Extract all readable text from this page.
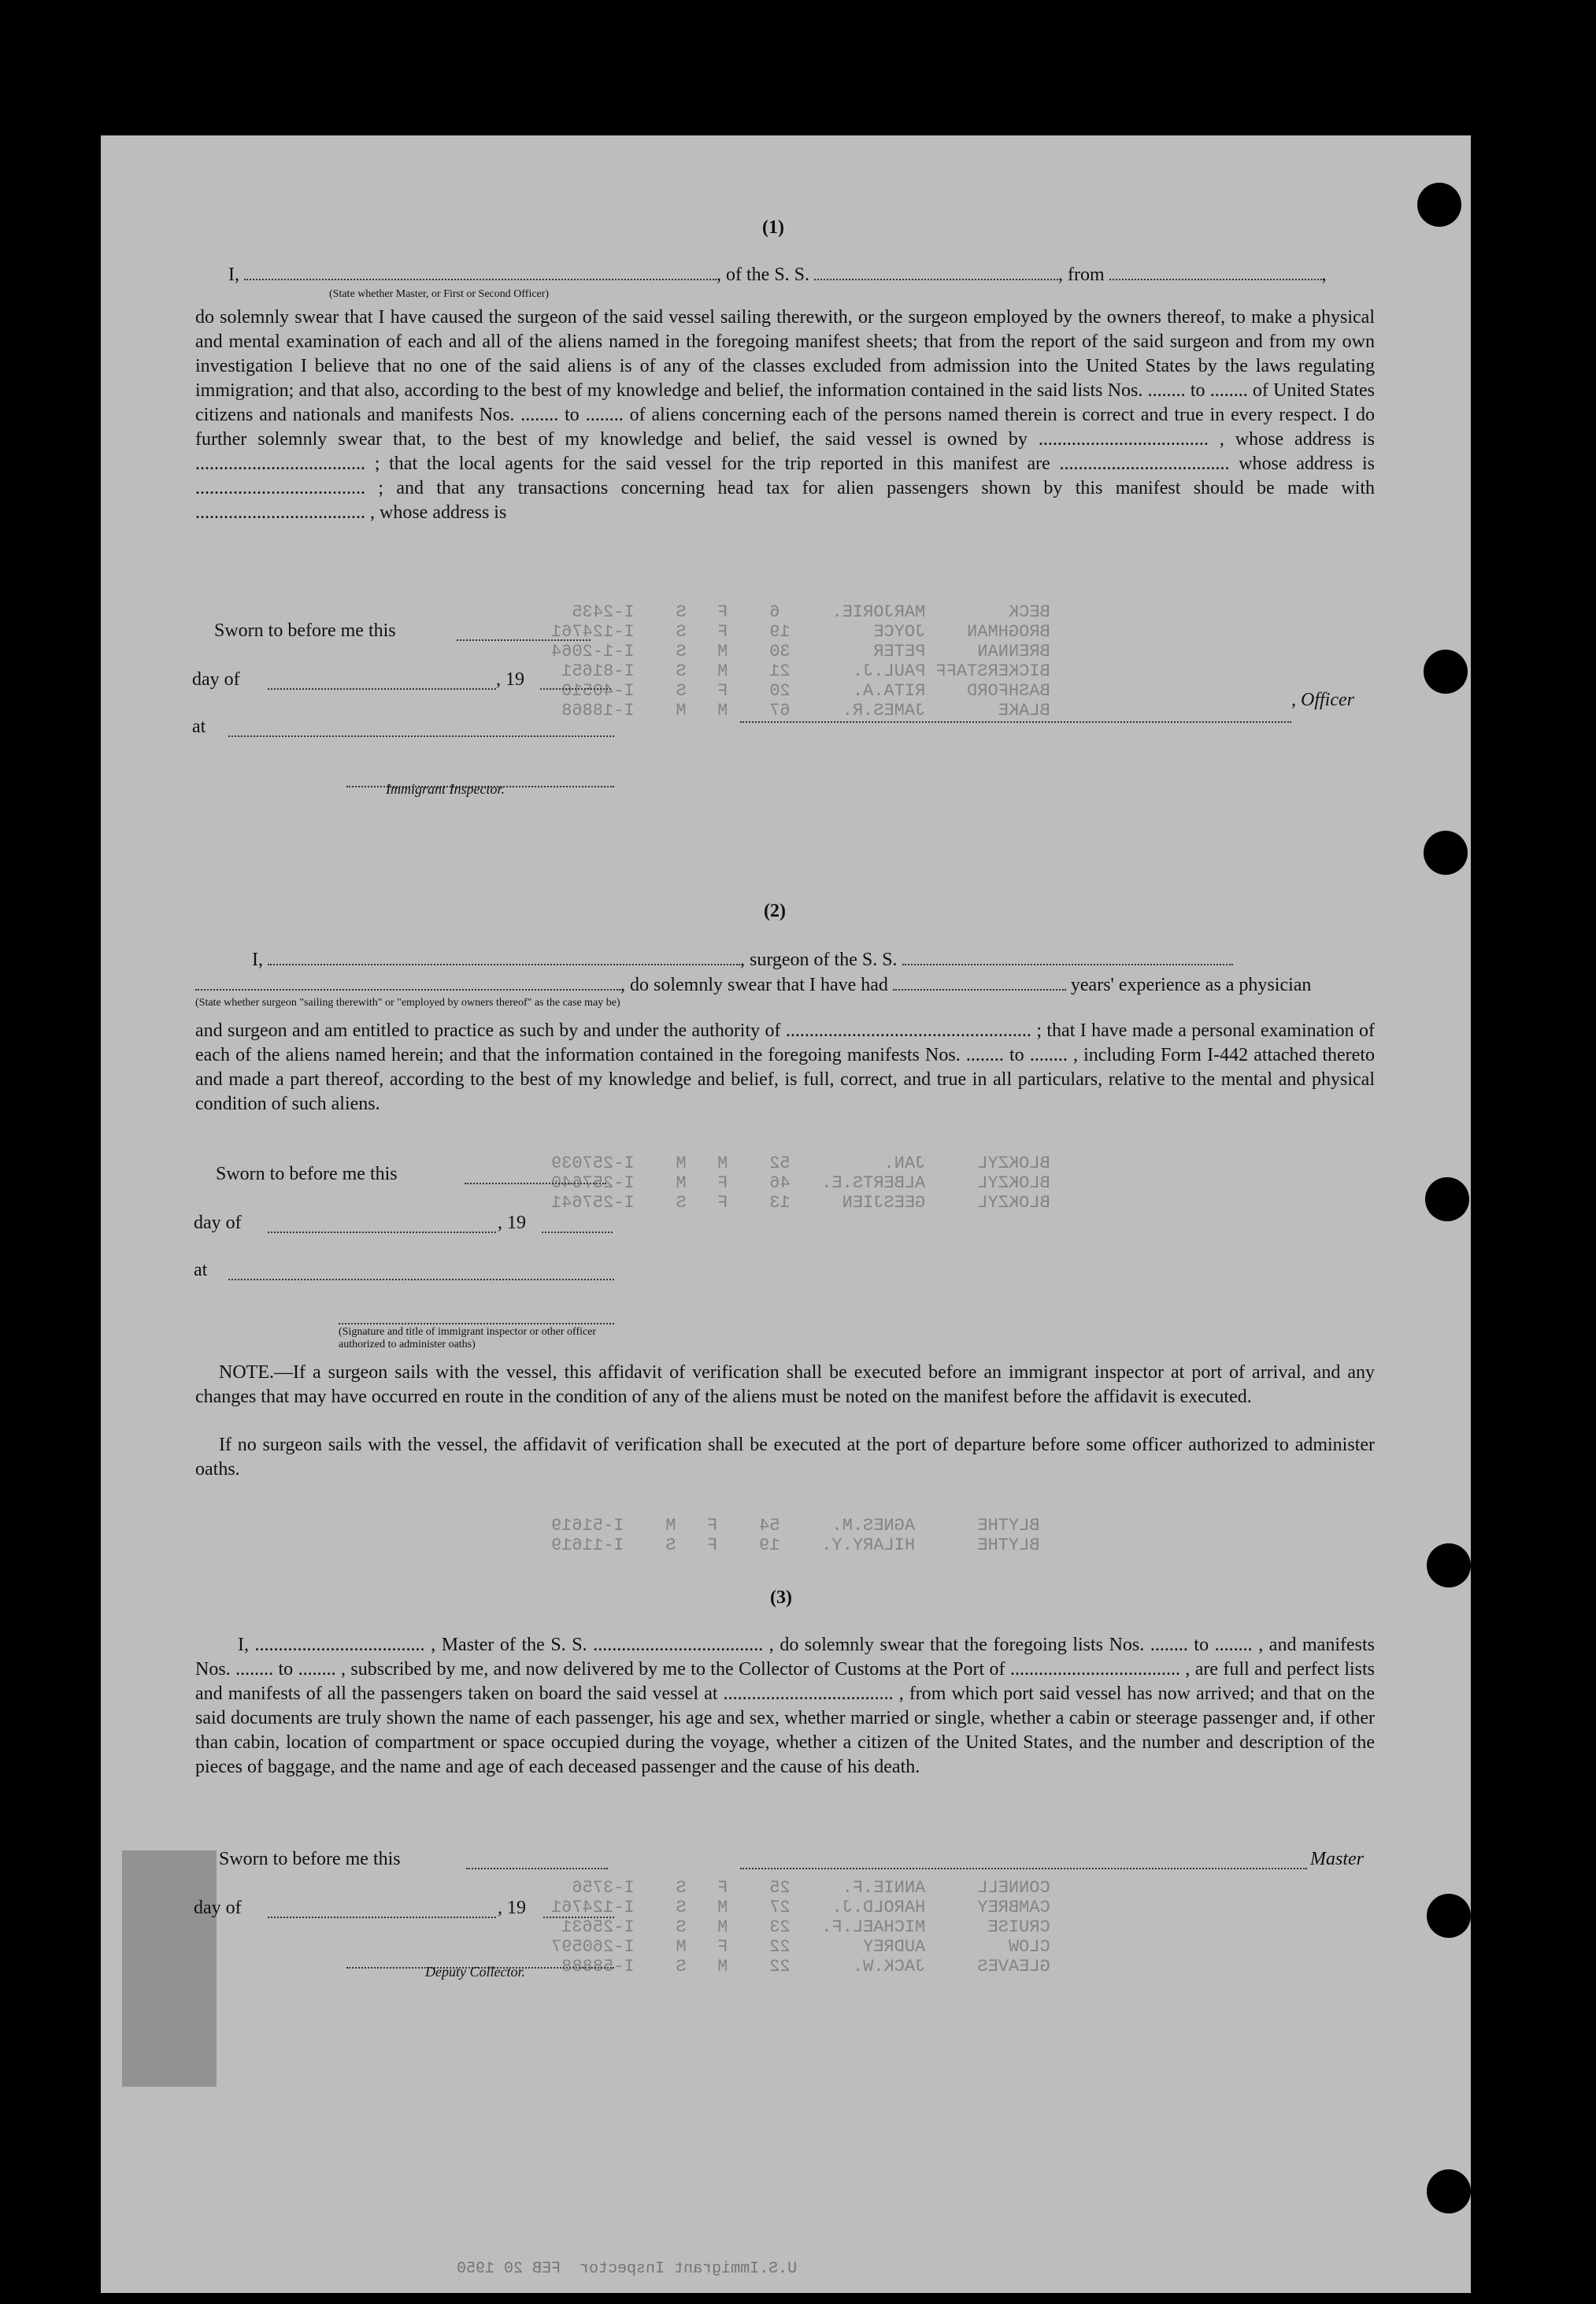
BECK        MARJORIE.     6    F   S    I-2435
BROGHMAN    JOYCE        19    F   S    I-124761
BRENNAN     PETER        30    M   S    I-1-2064
BICKERSTAFF PAUL.J.      21    M   S    I-81651
BASHFORD    RITA.A.      20    F   S    I-40510
BLAKE       JAMES.R.     67    M   M    I-18868

BLOKZYL     JAN.         52    M   M    I-257039
BLOKZYL     ALBERTS.E.   46    F   M    I-257640
BLOKZYL     GEESJIEN     13    F   S    I-257641

BLYTHE      AGNES.M.     54    F   M    I-51619
BLYTHE      HILARY.Y.    19    F   S    I-11619

CONNELL     ANNIE.F.     25    F   S    I-3756
CAMBREY     HAROLD.J.    27    M   S    I-124761
CRUISE      MICHAEL.F.   23    M   S    I-25631
CLOW        AUDREY       22    F   M    I-260597
GLEAVES     JACK.W.      22    M   S    I-58888

U.S.Immigrant Inspector  FEB 20 1950
(1)
I,	, of the S. S.	, from	,
(State whether Master, or First or Second Officer)
do solemnly swear that I have caused the surgeon of the said vessel sailing therewith, or the surgeon employed by the owners thereof, to make a physical and mental examination of each and all of the aliens named in the foregoing manifest sheets; that from the report of the said surgeon and from my own investigation I believe that no one of the said aliens is of any of the classes excluded from admission into the United States by the laws regulating immigration; and that also, according to the best of my knowledge and belief, the information contained in the said lists Nos. ........ to ........ of United States citizens and nationals and manifests Nos. ........ to ........ of aliens concerning each of the persons named therein is correct and true in every respect. I do further solemnly swear that, to the best of my knowledge and belief, the said vessel is owned by .................................... , whose address is .................................... ; that the local agents for the said vessel for the trip reported in this manifest are .................................... whose address is .................................... ; and that any transactions concerning head tax for alien passengers shown by this manifest should be made with .................................... , whose address is
Sworn to before me this
day of	, 19
at
, Officer
Immigrant Inspector.
(2)
I,	, surgeon of the S. S.
, do solemnly swear that I have had	years' experience as a physician
(State whether surgeon "sailing therewith" or "employed by owners thereof" as the case may be)
and surgeon and am entitled to practice as such by and under the authority of .................................................... ; that I have made a personal examination of each of the aliens named herein; and that the information contained in the foregoing manifests Nos. ........ to ........ , including Form I-442 attached thereto and made a part thereof, according to the best of my knowledge and belief, is full, correct, and true in all particulars, relative to the mental and physical condition of such aliens.
Sworn to before me this
day of	, 19
at
(Signature and title of immigrant inspector or other officer authorized to administer oaths)
NOTE.—If a surgeon sails with the vessel, this affidavit of verification shall be executed before an immigrant inspector at port of arrival, and any changes that may have occurred en route in the condition of any of the aliens must be noted on the manifest before the affidavit is executed.
If no surgeon sails with the vessel, the affidavit of verification shall be executed at the port of departure before some officer authorized to administer oaths.
(3)
I, .................................... , Master of the S. S. .................................... , do solemnly swear that the foregoing lists Nos. ........ to ........ , and manifests Nos. ........ to ........ , subscribed by me, and now delivered by me to the Collector of Customs at the Port of .................................... , are full and perfect lists and manifests of all the passengers taken on board the said vessel at .................................... , from which port said vessel has now arrived; and that on the said documents are truly shown the name of each passenger, his age and sex, whether married or single, whether a cabin or steerage passenger and, if other than cabin, location of compartment or space occupied during the voyage, whether a citizen of the United States, and the number and description of the pieces of baggage, and the name and age of each deceased passenger and the cause of his death.
Sworn to before me this	Master
day of	, 19
Deputy Collector.
